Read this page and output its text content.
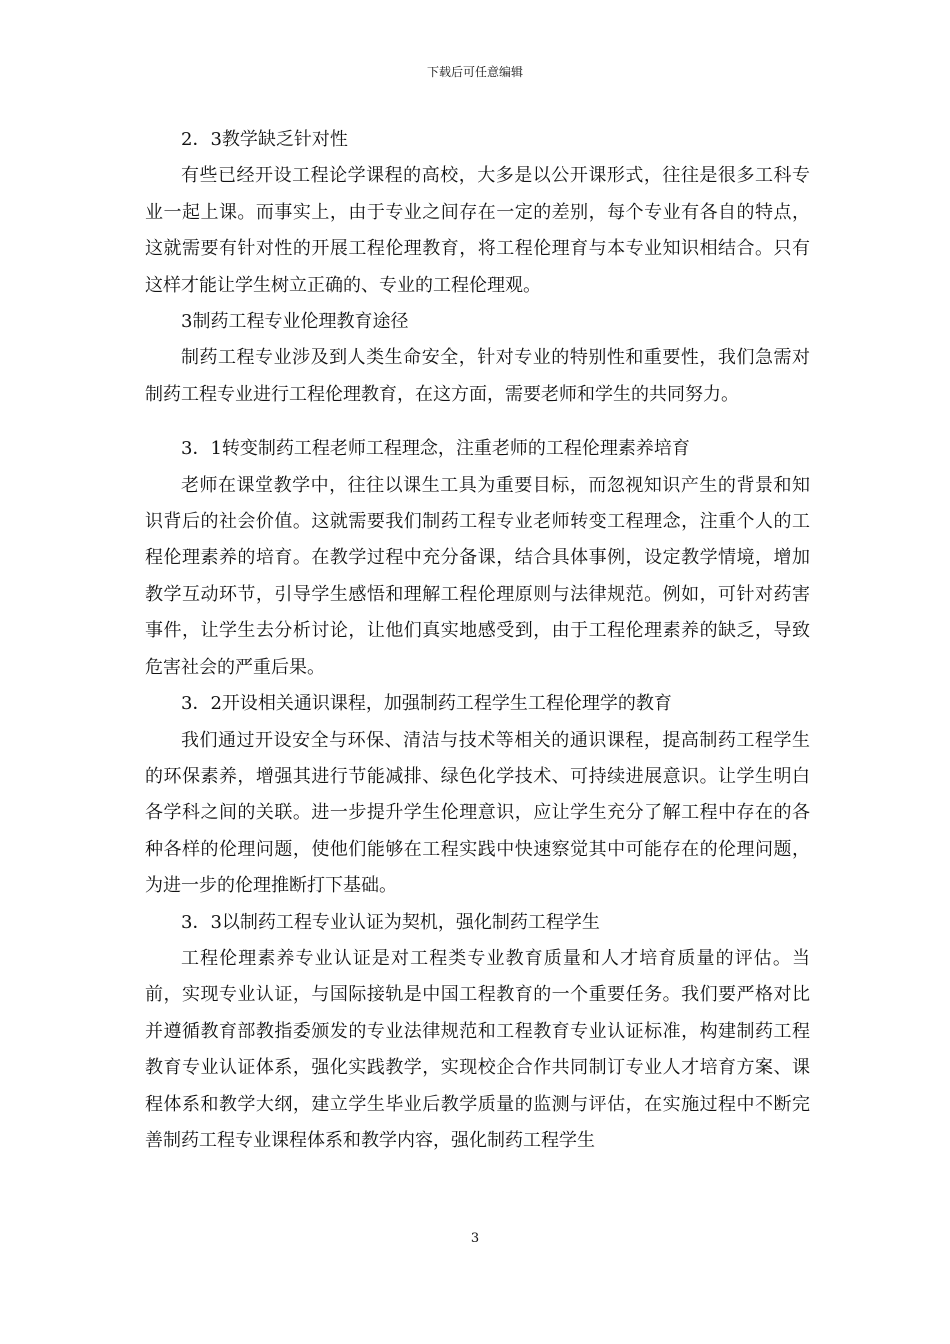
下载后可任意编辑

2．3教学缺乏针对性

有些已经开设工程论学课程的高校，大多是以公开课形式，往往是很多工科专业一起上课。而事实上，由于专业之间存在一定的差别，每个专业有各自的特点，这就需要有针对性的开展工程伦理教育，将工程伦理育与本专业知识相结合。只有这样才能让学生树立正确的、专业的工程伦理观。

3制药工程专业伦理教育途径

制药工程专业涉及到人类生命安全，针对专业的特别性和重要性，我们急需对制药工程专业进行工程伦理教育，在这方面，需要老师和学生的共同努力。

3．1转变制药工程老师工程理念，注重老师的工程伦理素养培育

老师在课堂教学中，往往以课生工具为重要目标，而忽视知识产生的背景和知识背后的社会价值。这就需要我们制药工程专业老师转变工程理念，注重个人的工程伦理素养的培育。在教学过程中充分备课，结合具体事例，设定教学情境，增加教学互动环节，引导学生感悟和理解工程伦理原则与法律规范。例如，可针对药害事件，让学生去分析讨论，让他们真实地感受到，由于工程伦理素养的缺乏，导致危害社会的严重后果。

3．2开设相关通识课程，加强制药工程学生工程伦理学的教育

我们通过开设安全与环保、清洁与技术等相关的通识课程，提高制药工程学生的环保素养，增强其进行节能减排、绿色化学技术、可持续进展意识。让学生明白各学科之间的关联。进一步提升学生伦理意识，应让学生充分了解工程中存在的各种各样的伦理问题，使他们能够在工程实践中快速察觉其中可能存在的伦理问题，为进一步的伦理推断打下基础。

3．3以制药工程专业认证为契机，强化制药工程学生

工程伦理素养专业认证是对工程类专业教育质量和人才培育质量的评估。当前，实现专业认证，与国际接轨是中国工程教育的一个重要任务。我们要严格对比并遵循教育部教指委颁发的专业法律规范和工程教育专业认证标准，构建制药工程教育专业认证体系，强化实践教学，实现校企合作共同制订专业人才培育方案、课程体系和教学大纲，建立学生毕业后教学质量的监测与评估，在实施过程中不断完善制药工程专业课程体系和教学内容，强化制药工程学生

3
